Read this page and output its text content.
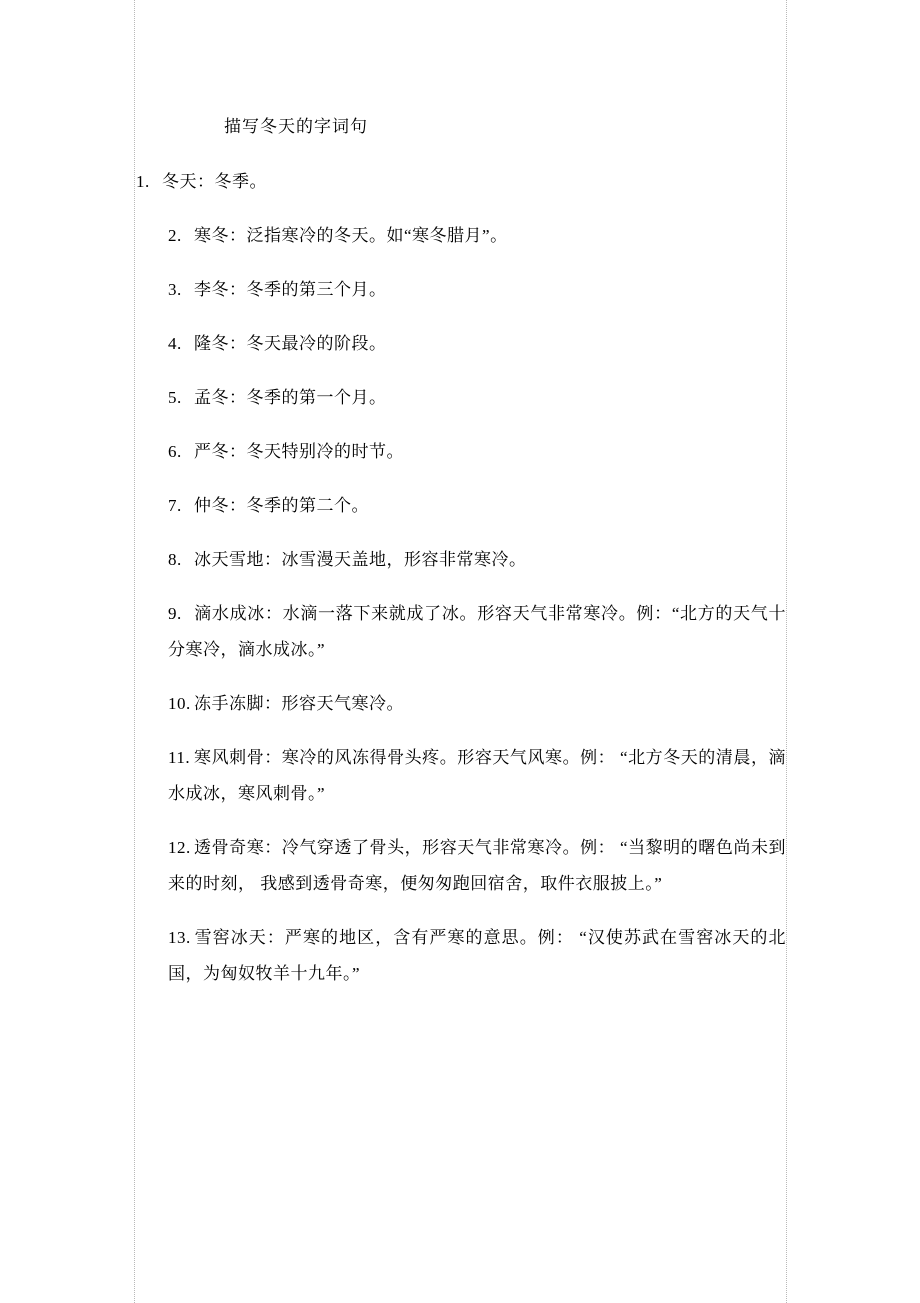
描写冬天的字词句
1. 冬天：冬季。
2. 寒冬：泛指寒冷的冬天。如“寒冬腊月”。
3. 李冬：冬季的第三个月。
4. 隆冬：冬天最冷的阶段。
5. 孟冬：冬季的第一个月。
6. 严冬：冬天特别冷的时节。
7. 仲冬：冬季的第二个。
8. 冰天雪地：冰雪漫天盖地，形容非常寒冷。
9. 滴水成冰：水滴一落下来就成了冰。形容天气非常寒冷。例：“北方的天气十分寒冷，滴水成冰。”
10. 冻手冻脚：形容天气寒冷。
11. 寒风刺骨：寒冷的风冻得骨头疼。形容天气风寒。例： “北方冬天的清晨，滴水成冰，寒风刺骨。”
12. 透骨奇寒：冷气穿透了骨头，形容天气非常寒冷。例： “当黎明的曙色尚未到来的时刻， 我感到透骨奇寒，便匆匆跑回宿舍，取件衣服披上。”
13. 雪窖冰天：严寒的地区，含有严寒的意思。例： “汉使苏武在雪窖冰天的北国，为匈奴牧羊十九年。”
